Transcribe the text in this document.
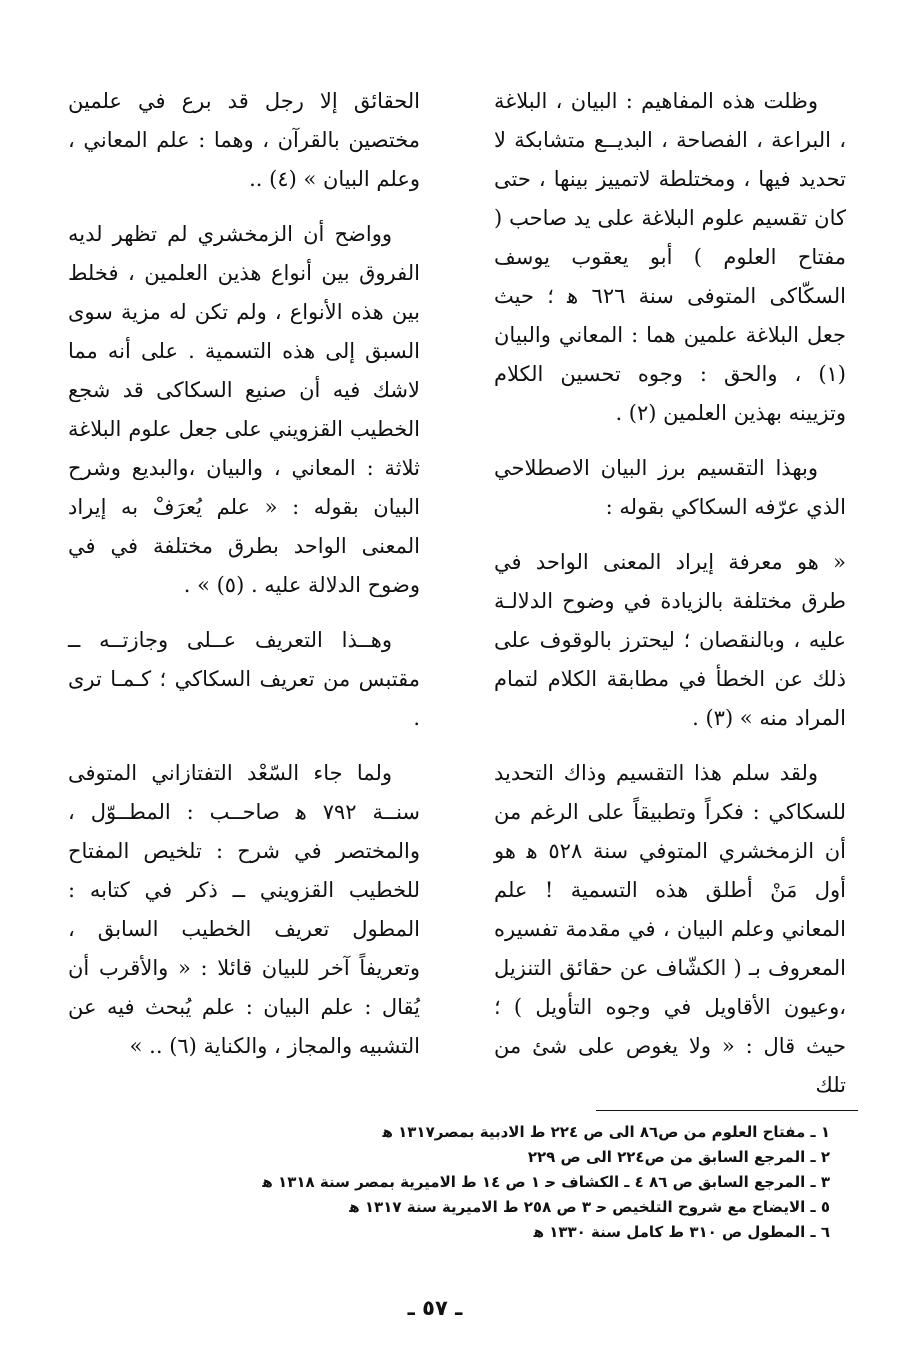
وظلت هذه المفاهيم : البيان ، البلاغة ، البراعة ، الفصاحة ، البديــع متشابكة لا تحديد فيها ، ومختلطة لاتمييز بينها ، حتى كان تقسيم علوم البلاغة على يد صاحب ( مفتاح العلوم ) أبو يعقوب يوسف السكّاكى المتوفى سنة ٦٢٦ ﻫ ؛ حيث جعل البلاغة علمين هما : المعاني والبيان (١) ، والحق : وجوه تحسين الكلام وتزيينه بهذين العلمين (٢) .

وبهذا التقسيم برز البيان الاصطلاحي الذي عرّفه السكاكي بقوله :

« هو معرفة إيراد المعنى الواحد في طرق مختلفة بالزيادة في وضوح الدلالـة عليه ، وبالنقصان ؛ ليحترز بالوقوف على ذلك عن الخطأ في مطابقة الكلام لتمام المراد منه » (٣) .

ولقد سلم هذا التقسيم وذاك التحديد للسكاكي : فكراً وتطبيقاً على الرغم من أن الزمخشري المتوفي سنة ٥٢٨ ﻫ هو أول مَنْ أطلق هذه التسمية ! علم المعاني وعلم البيان ، في مقدمة تفسيره المعروف بـ ( الكشّاف عن حقائق التنزيل ،وعيون الأقاويل في وجوه التأويل ) ؛ حيث قال : « ولا يغوص على شئ من تلك

الحقائق إلا رجل قد برع في علمين مختصين بالقرآن ، وهما : علم المعاني ، وعلم البيان » (٤) ..

وواضح أن الزمخشري لم تظهر لديه الفروق بين أنواع هذين العلمين ، فخلط بين هذه الأنواع ، ولم تكن له مزية سوى السبق إلى هذه التسمية . على أنه مما لاشك فيه أن صنيع السكاكى قد شجع الخطيب القزويني على جعل علوم البلاغة ثلاثة : المعاني ، والبيان ،والبديع وشرح البيان بقوله : « علم يُعرَفْ به إيراد المعنى الواحد بطرق مختلفة في في وضوح الدلالة عليه . (٥) » .

وهــذا التعريف عــلى وجازتــه ــ مقتبس من تعريف السكاكي ؛ كـمـا ترى .

ولما جاء السّعْد التفتازاني المتوفى سنــة ٧٩٢ ﻫ صاحــب : المطــوّل ، والمختصر في شرح : تلخيص المفتاح للخطيب القزويني ــ ذكر في كتابه : المطول تعريف الخطيب السابق ، وتعريفاً آخر للبيان قائلا : « والأقرب أن يُقال : علم البيان : علم يُبحث فيه عن التشبيه والمجاز ، والكناية (٦) .. »

١ ـ مفتاح العلوم من ص٨٦ الى ص ٢٢٤ ط الادبية بمصر١٣١٧ ﻫ
٢ ـ المرجع السابق من ص٢٢٤ الى ص ٢٢٩
٣ ـ المرجع السابق ص ٨٦ ٤ ـ الكشاف ﺣ ١ ص ١٤ ط الاميرية بمصر سنة ١٣١٨ ﻫ
٥ ـ الايضاح مع شروح التلخيص ﺣ ٣ ص ٢٥٨ ط الاميرية سنة ١٣١٧ ﻫ
٦ ـ المطول ص ٣١٠ ط كامل سنة ١٣٣٠ ﻫ
ـ ٥٧ ـ
